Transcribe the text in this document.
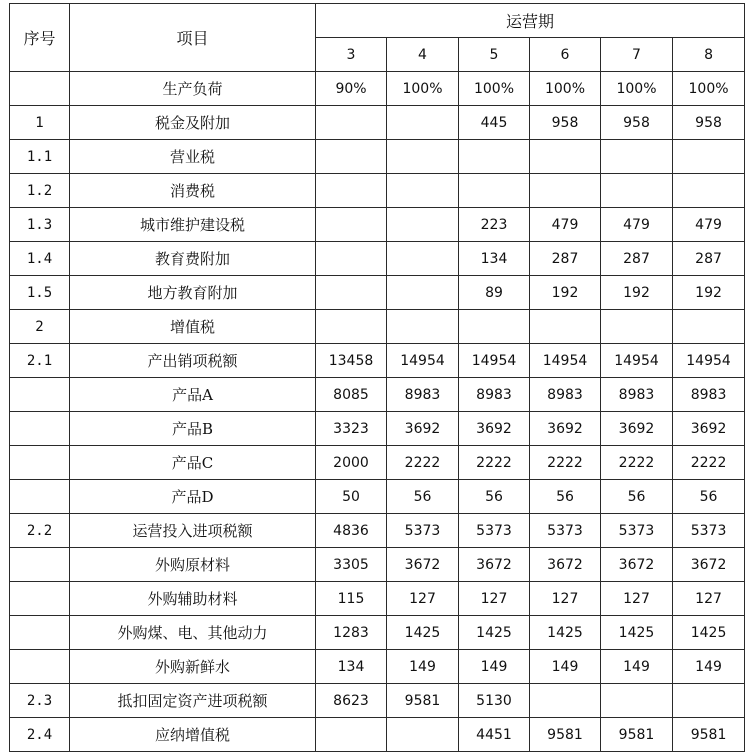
序号	项目	运营期					
		3	4	5	6	7	8
	生产负荷	90%	100%	100%	100%	100%	100%
1	税金及附加			445	958	958	958
1.1	营业税						
1.2	消费税						
1.3	城市维护建设税			223	479	479	479
1.4	教育费附加			134	287	287	287
1.5	地方教育附加			89	192	192	192
2	增值税						
2.1	产出销项税额	13458	14954	14954	14954	14954	14954
	产品A	8085	8983	8983	8983	8983	8983
	产品B	3323	3692	3692	3692	3692	3692
	产品C	2000	2222	2222	2222	2222	2222
	产品D	50	56	56	56	56	56
2.2	运营投入进项税额	4836	5373	5373	5373	5373	5373
	外购原材料	3305	3672	3672	3672	3672	3672
	外购辅助材料	115	127	127	127	127	127
	外购煤、电、其他动力	1283	1425	1425	1425	1425	1425
	外购新鲜水	134	149	149	149	149	149
2.3	抵扣固定资产进项税额	8623	9581	5130			
2.4	应纳增值税			4451	9581	9581	9581
